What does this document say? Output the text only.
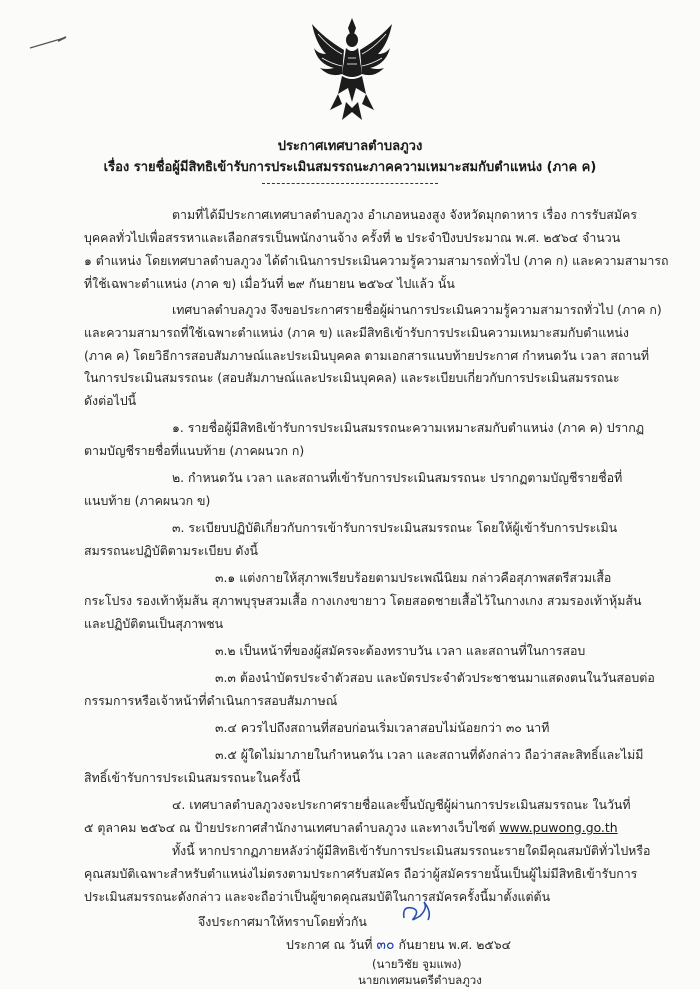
ประกาศเทศบาลตำบลภูวง
เรื่อง รายชื่อผู้มีสิทธิเข้ารับการประเมินสมรรถนะภาคความเหมาะสมกับตำแหน่ง (ภาค ค)
ตามที่ได้มีประกาศเทศบาลตำบลภูวง อำเภอหนองสูง จังหวัดมุกดาหาร เรื่อง การรับสมัคร
บุคคลทั่วไปเพื่อสรรหาและเลือกสรรเป็นพนักงานจ้าง ครั้งที่ ๒ ประจำปีงบประมาณ พ.ศ. ๒๕๖๔ จำนวน
๑ ตำแหน่ง โดยเทศบาลตำบลภูวง ได้ดำเนินการประเมินความรู้ความสามารถทั่วไป (ภาค ก) และความสามารถ
ที่ใช้เฉพาะตำแหน่ง (ภาค ข) เมื่อวันที่ ๒๙ กันยายน ๒๕๖๔ ไปแล้ว นั้น
เทศบาลตำบลภูวง จึงขอประกาศรายชื่อผู้ผ่านการประเมินความรู้ความสามารถทั่วไป (ภาค ก)
และความสามารถที่ใช้เฉพาะตำแหน่ง (ภาค ข) และมีสิทธิเข้ารับการประเมินความเหมาะสมกับตำแหน่ง
(ภาค ค) โดยวิธีการสอบสัมภาษณ์และประเมินบุคคล ตามเอกสารแนบท้ายประกาศ กำหนดวัน เวลา สถานที่
ในการประเมินสมรรถนะ (สอบสัมภาษณ์และประเมินบุคคล) และระเบียบเกี่ยวกับการประเมินสมรรถนะ
ดังต่อไปนี้
๑. รายชื่อผู้มีสิทธิเข้ารับการประเมินสมรรถนะความเหมาะสมกับตำแหน่ง (ภาค ค) ปรากฏ
ตามบัญชีรายชื่อที่แนบท้าย (ภาคผนวก ก)
๒. กำหนดวัน เวลา และสถานที่เข้ารับการประเมินสมรรถนะ ปรากฏตามบัญชีรายชื่อที่
แนบท้าย (ภาคผนวก ข)
๓. ระเบียบปฏิบัติเกี่ยวกับการเข้ารับการประเมินสมรรถนะ โดยให้ผู้เข้ารับการประเมิน
สมรรถนะปฏิบัติตามระเบียบ ดังนี้
๓.๑ แต่งกายให้สุภาพเรียบร้อยตามประเพณีนิยม กล่าวคือสุภาพสตรีสวมเสื้อ
กระโปรง รองเท้าหุ้มส้น สุภาพบุรุษสวมเสื้อ กางเกงขายาว โดยสอดชายเสื้อไว้ในกางเกง สวมรองเท้าหุ้มส้น
และปฏิบัติตนเป็นสุภาพชน
๓.๒ เป็นหน้าที่ของผู้สมัครจะต้องทราบวัน เวลา และสถานที่ในการสอบ
๓.๓ ต้องนำบัตรประจำตัวสอบ และบัตรประจำตัวประชาชนมาแสดงตนในวันสอบต่อ
กรรมการหรือเจ้าหน้าที่ดำเนินการสอบสัมภาษณ์
๓.๔ ควรไปถึงสถานที่สอบก่อนเริ่มเวลาสอบไม่น้อยกว่า ๓๐ นาที
๓.๕ ผู้ใดไม่มาภายในกำหนดวัน เวลา และสถานที่ดังกล่าว ถือว่าสละสิทธิ์และไม่มี
สิทธิ์เข้ารับการประเมินสมรรถนะในครั้งนี้
๔. เทศบาลตำบลภูวงจะประกาศรายชื่อและขึ้นบัญชีผู้ผ่านการประเมินสมรรถนะ ในวันที่
๕ ตุลาคม ๒๕๖๔ ณ ป้ายประกาศสำนักงานเทศบาลตำบลภูวง และทางเว็บไซต์ www.puwong.go.th
ทั้งนี้ หากปรากฏภายหลังว่าผู้มีสิทธิเข้ารับการประเมินสมรรถนะรายใดมีคุณสมบัติทั่วไปหรือ
คุณสมบัติเฉพาะสำหรับตำแหน่งไม่ตรงตามประกาศรับสมัคร ถือว่าผู้สมัครรายนั้นเป็นผู้ไม่มีสิทธิเข้ารับการ
ประเมินสมรรถนะดังกล่าว และจะถือว่าเป็นผู้ขาดคุณสมบัติในการสมัครครั้งนี้มาตั้งแต่ต้น
จึงประกาศมาให้ทราบโดยทั่วกัน
ประกาศ ณ วันที่ ๓๐ กันยายน พ.ศ. ๒๕๖๔
(นายวิชัย จูมแพง)
นายกเทศมนตรีตำบลภูวง
